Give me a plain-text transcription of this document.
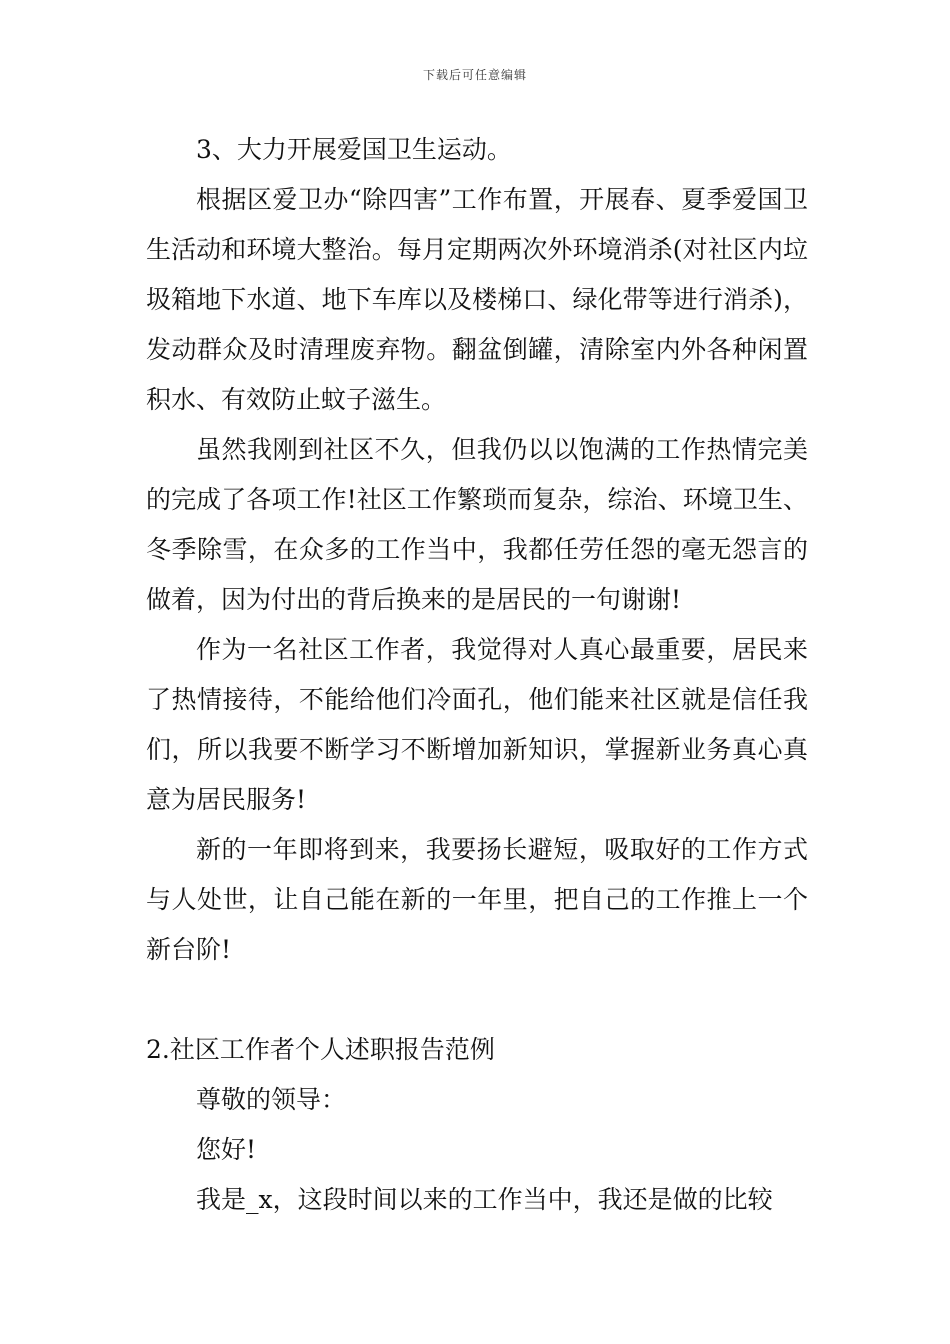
下载后可任意编辑

3、大力开展爱国卫生运动。

根据区爱卫办“除四害”工作布置，开展春、夏季爱国卫生活动和环境大整治。每月定期两次外环境消杀(对社区内垃圾箱地下水道、地下车库以及楼梯口、绿化带等进行消杀)，发动群众及时清理废弃物。翻盆倒罐，清除室内外各种闲置积水、有效防止蚊子滋生。

虽然我刚到社区不久，但我仍以以饱满的工作热情完美的完成了各项工作!社区工作繁琐而复杂，综治、环境卫生、冬季除雪，在众多的工作当中，我都任劳任怨的毫无怨言的做着，因为付出的背后换来的是居民的一句谢谢!

作为一名社区工作者，我觉得对人真心最重要，居民来了热情接待，不能给他们冷面孔，他们能来社区就是信任我们，所以我要不断学习不断增加新知识，掌握新业务真心真意为居民服务!

新的一年即将到来，我要扬长避短，吸取好的工作方式与人处世，让自己能在新的一年里，把自己的工作推上一个新台阶!

2.社区工作者个人述职报告范例

尊敬的领导：

您好!

我是_x，这段时间以来的工作当中，我还是做的比较
